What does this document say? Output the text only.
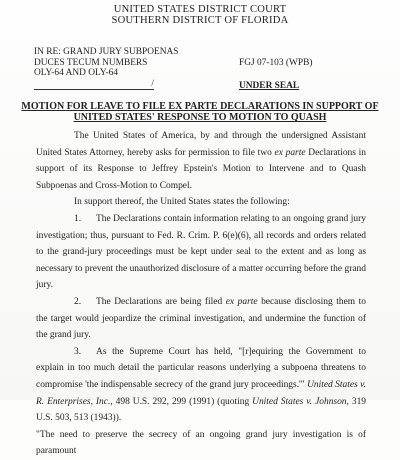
UNITED STATES DISTRICT COURT
SOUTHERN DISTRICT OF FLORIDA
IN RE: GRAND JURY SUBPOENAS
DUCES TECUM NUMBERS
OLY-64 AND OLY-64
/
FGJ 07-103 (WPB)
UNDER SEAL
MOTION FOR LEAVE TO FILE EX PARTE DECLARATIONS IN SUPPORT OF
UNITED STATES' RESPONSE TO MOTION TO QUASH

The United States of America, by and through the undersigned Assistant United States Attorney, hereby asks for permission to file two ex parte Declarations in support of its Response to Jeffrey Epstein's Motion to Intervene and to Quash Subpoenas and Cross-Motion to Compel.

In support thereof, the United States states the following:

1. The Declarations contain information relating to an ongoing grand jury investigation; thus, pursuant to Fed. R. Crim. P. 6(e)(6), all records and orders related to the grand-jury proceedings must be kept under seal to the extent and as long as necessary to prevent the unauthorized disclosure of a matter occurring before the grand jury.

2. The Declarations are being filed ex parte because disclosing them to the target would jeopardize the criminal investigation, and undermine the function of the grand jury.

3. As the Supreme Court has held, "[r]equiring the Government to explain in too much detail the particular reasons underlying a subpoena threatens to compromise 'the indispensable secrecy of the grand jury proceedings.'" United States v. R. Enterprises, Inc., 498 U.S. 292, 299 (1991) (quoting United States v. Johnson, 319 U.S. 503, 513 (1943)).

"The need to preserve the secrecy of an ongoing grand jury investigation is of paramount
